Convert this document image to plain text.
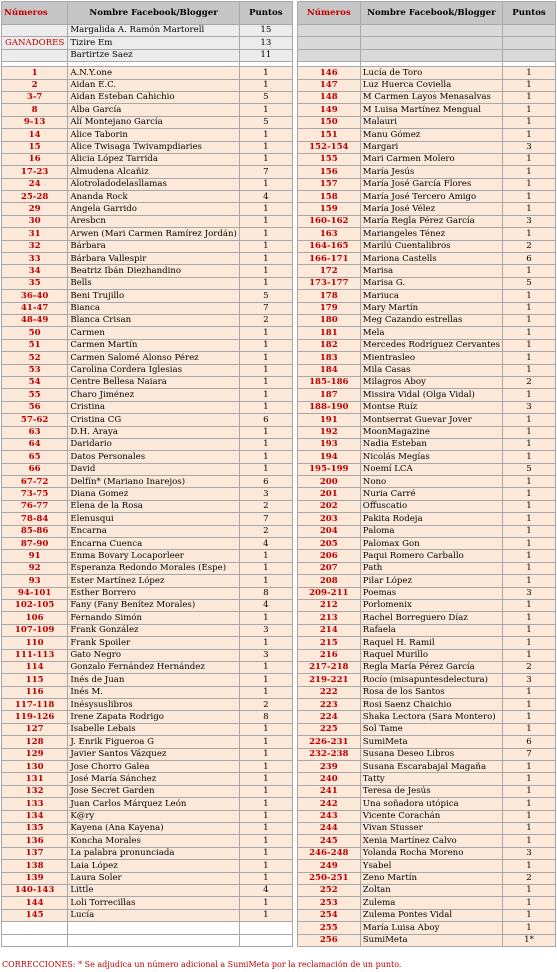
Números	Nombre Facebook/Blogger	Puntos		Números	Nombre Facebook/Blogger	Puntos
	Margalida A. Ramón Martorell	15				
GANADORES	Tizire Em	13				
	Bartirtze Saez	11				

1	A.N.Y.one	1		146	Lucía de Toro	1
2	Aidan E.C.	1		147	Luz Huerca Coviella	1
3-7	Aidan Esteban Cahichio	5		148	M Carmen Layos Menasalvas	1
8	Alba García	1		149	M Luisa Martínez Mengual	1
9-13	Alí Montejano García	5		150	Malauri	1
14	Alice Taborin	1		151	Manu Gómez	1
15	Alice Twisaga Twivampdiaries	1		152-154	Margari	3
16	Alicia López Tarrida	1		155	Mari Carmen Molero	1
17-23	Almudena Alcañiz	7		156	María Jesús	1
24	Alotroladodelasllamas	1		157	María José García Flores	1
25-28	Ananda Rock	4		158	María José Tercero Amigo	1
29	Angela Garrido	1		159	María José Vélez	1
30	Aresbcn	1		160-162	María Regla Pérez García	3
31	Arwen (Mari Carmen Ramírez Jordán)	1		163	Mariangeles Ténez	1
32	Bárbara	1		164-165	Marilú Cuentalibros	2
33	Bárbara Vallespir	1		166-171	Mariona Castells	6
34	Beatriz Ibán Diezhandino	1		172	Marisa	1
35	Bells	1		173-177	Marisa G.	5
36-40	Beni Trujillo	5		178	Mariuca	1
41-47	Bianca	7		179	Mary Martín	1
48-49	Blanca Crisan	2		180	Meg Cazando estrellas	1
50	Carmen	1		181	Mela	1
51	Carmen Martín	1		182	Mercedes Rodríguez Cervantes	1
52	Carmen Salomé Alonso Pérez	1		183	Mientrasleo	1
53	Carolina Cordera Iglesias	1		184	Mila Casas	1
54	Centre Bellesa Naiara	1		185-186	Milagros Aboy	2
55	Charo Jiménez	1		187	Missira Vidal (Olga Vidal)	1
56	Cristina	1		188-190	Montse Ruíz	3
57-62	Cristina CG	6		191	Montserrat Guevar Jover	1
63	D.H. Araya	1		192	MoonMagazine	1
64	Daridario	1		193	Nadia Esteban	1
65	Datos Personales	1		194	Nicolás Megías	1
66	David	1		195-199	Noemí LCA	5
67-72	Delfín* (Mariano Inarejos)	6		200	Nono	1
73-75	Diana Gomez	3		201	Nuria Carré	1
76-77	Elena de la Rosa	2		202	Offuscatio	1
78-84	Elenusqui	7		203	Pakita Rodeja	1
85-86	Encarna	2		204	Paloma	1
87-90	Encarna Cuenca	4		205	Palomax Gon	1
91	Enma Bovary Locaporleer	1		206	Paqui Romero Carballo	1
92	Esperanza Redondo Morales (Espe)	1		207	Path	1
93	Ester Martínez López	1		208	Pilar López	1
94-101	Esther Borrero	8		209-211	Poemas	3
102-105	Fany (Fany Benítez Morales)	4		212	Porlomenix	1
106	Fernando Simón	1		213	Rachel Borreguero Díaz	1
107-109	Frank González	3		214	Rafaela	1
110	Frank Spoiler	1		215	Raquel H. Ramil	1
111-113	Gato Negro	3		216	Raquel Murillo	1
114	Gonzalo Fernández Hernández	1		217-218	Regla María Pérez García	2
115	Inés de Juan	1		219-221	Rocío (misapuntesdelectura)	3
116	Inés M.	1		222	Rosa de los Santos	1
117-118	Inésysuslibros	2		223	Rosi Saenz Chaichio	1
119-126	Irene Zapata Rodrigo	8		224	Shaka Lectora (Sara Montero)	1
127	Isabelle Lebais	1		225	Sol Tame	1
128	J. Enrik Figueroa G	1		226-231	SumiMeta	6
129	Javier Santos Vázquez	1		232-238	Susana Deseo Libros	7
130	Jose Chorro Galea	1		239	Susana Escarabajal Magaña	1
131	José María Sánchez	1		240	Tatty	1
132	Jose Secret Garden	1		241	Teresa de Jesús	1
133	Juan Carlos Márquez León	1		242	Una soñadora utópica	1
134	K@ry	1		243	Vicente Corachán	1
135	Kayena (Ana Kayena)	1		244	Vivan Stusser	1
136	Koncha Morales	1		245	Xenia Martínez Calvo	1
137	La palabra pronunciada	1		246-248	Yolanda Rocha Moreno	3
138	Laia López	1		249	Ysabel	1
139	Laura Soler	1		250-251	Zeno Martín	2
140-143	Little	4		252	Zoltan	1
144	Loli Torrecillas	1		253	Zulema	1
145	Lucía	1		254	Zulema Pontes Vidal	1
				255	María Luisa Aboy	1
				256	SumiMeta	1*
CORRECCIONES: * Se adjudica un número adicional a SumiMeta por la reclamación de un punto.
